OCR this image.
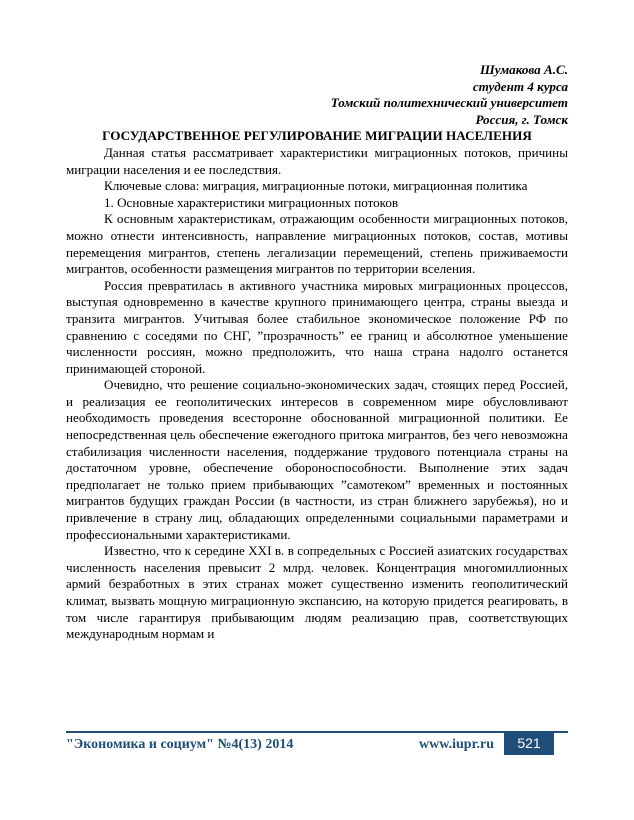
Шумакова А.С.
студент 4 курса
Томский политехнический университет
Россия, г. Томск
ГОСУДАРСТВЕННОЕ РЕГУЛИРОВАНИЕ МИГРАЦИИ НАСЕЛЕНИЯ

Данная статья рассматривает характеристики миграционных потоков, причины миграции населения и ее последствия.

Ключевые слова: миграция, миграционные потоки, миграционная политика

1. Основные характеристики миграционных потоков

К основным характеристикам, отражающим особенности миграционных потоков, можно отнести интенсивность, направление миграционных потоков, состав, мотивы перемещения мигрантов, степень легализации перемещений, степень приживаемости мигрантов, особенности размещения мигрантов по территории вселения.

Россия превратилась в активного участника мировых миграционных процессов, выступая одновременно в качестве крупного принимающего центра, страны выезда и транзита мигрантов. Учитывая более стабильное экономическое положение РФ по сравнению с соседями по СНГ, ”прозрачность” ее границ и абсолютное уменьшение численности россиян, можно предположить, что наша страна надолго останется принимающей стороной.

Очевидно, что решение социально-экономических задач, стоящих перед Россией, и реализация ее геополитических интересов в современном мире обусловливают необходимость проведения всесторонне обоснованной миграционной политики. Ее непосредственная цель обеспечение ежегодного притока мигрантов, без чего невозможна стабилизация численности населения, поддержание трудового потенциала страны на достаточном уровне, обеспечение обороноспособности. Выполнение этих задач предполагает не только прием прибывающих ”самотеком” временных и постоянных мигрантов будущих граждан России (в частности, из стран ближнего зарубежья), но и привлечение в страну лиц, обладающих определенными социальными параметрами и профессиональными характеристиками.

Известно, что к середине XXI в. в сопредельных с Россией азиатских государствах численность населения превысит 2 млрд. человек. Концентрация многомиллионных армий безработных в этих странах может существенно изменить геополитический климат, вызвать мощную миграционную экспансию, на которую придется реагировать, в том числе гарантируя прибывающим людям реализацию прав, соответствующих международным нормам и

"Экономика и социум" №4(13) 2014	www.iupr.ru	521
